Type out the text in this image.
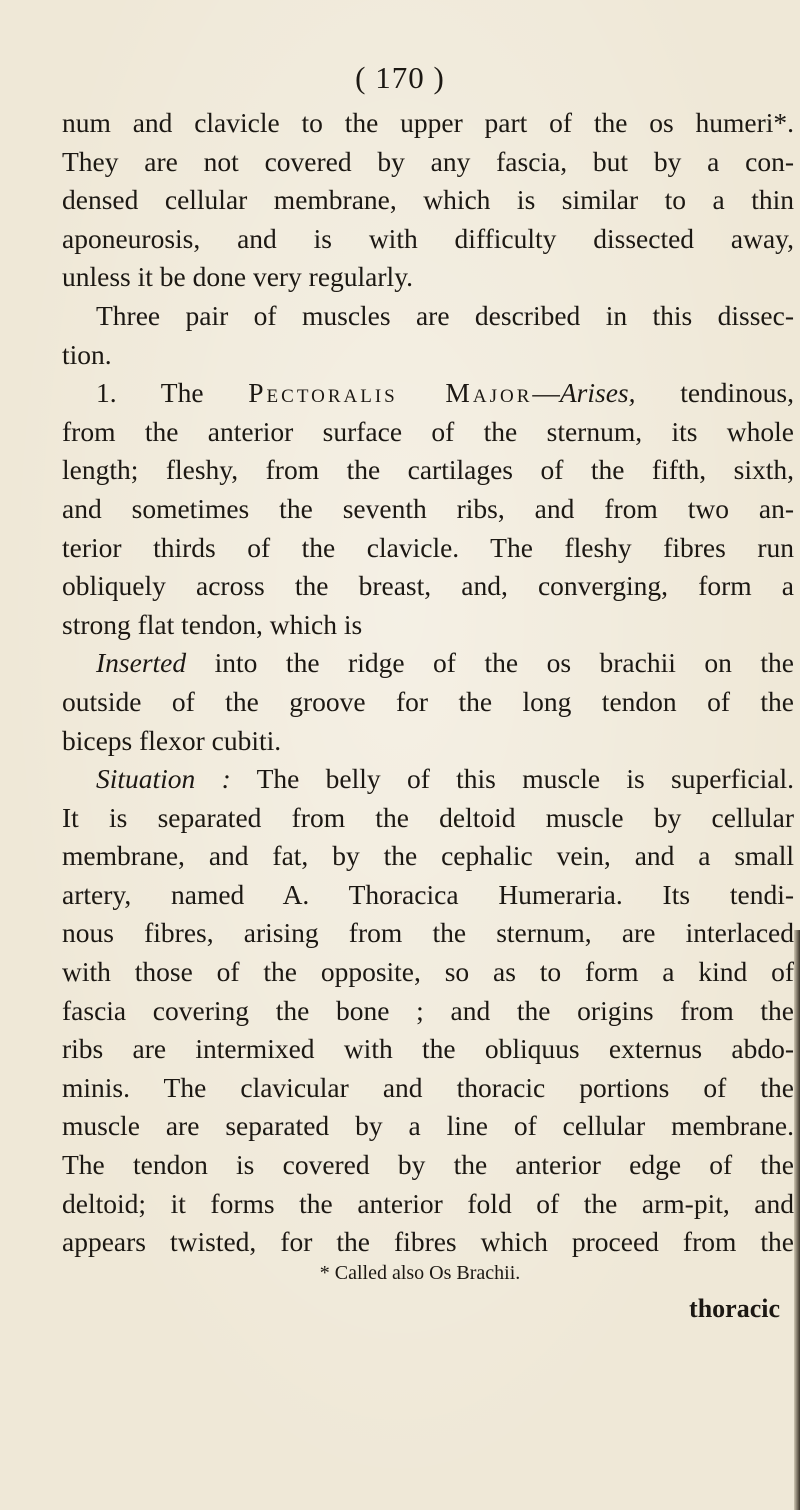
( 170 )
num and clavicle to the upper part of the os humeri*.
They are not covered by any fascia, but by a con-
densed cellular membrane, which is similar to a thin
aponeurosis, and is with difficulty dissected away,
unless it be done very regularly.
Three pair of muscles are described in this dissec-
tion.
1. The Pectoralis Major—Arises, tendinous,
from the anterior surface of the sternum, its whole
length; fleshy, from the cartilages of the fifth, sixth,
and sometimes the seventh ribs, and from two an-
terior thirds of the clavicle. The fleshy fibres run
obliquely across the breast, and, converging, form a
strong flat tendon, which is
Inserted into the ridge of the os brachii on the
outside of the groove for the long tendon of the
biceps flexor cubiti.
Situation : The belly of this muscle is superficial.
It is separated from the deltoid muscle by cellular
membrane, and fat, by the cephalic vein, and a small
artery, named A. Thoracica Humeraria. Its tendi-
nous fibres, arising from the sternum, are interlaced
with those of the opposite, so as to form a kind of
fascia covering the bone ; and the origins from the
ribs are intermixed with the obliquus externus abdo-
minis. The clavicular and thoracic portions of the
muscle are separated by a line of cellular membrane.
The tendon is covered by the anterior edge of the
deltoid; it forms the anterior fold of the arm-pit, and
appears twisted, for the fibres which proceed from the
* Called also Os Brachii.
thoracic
